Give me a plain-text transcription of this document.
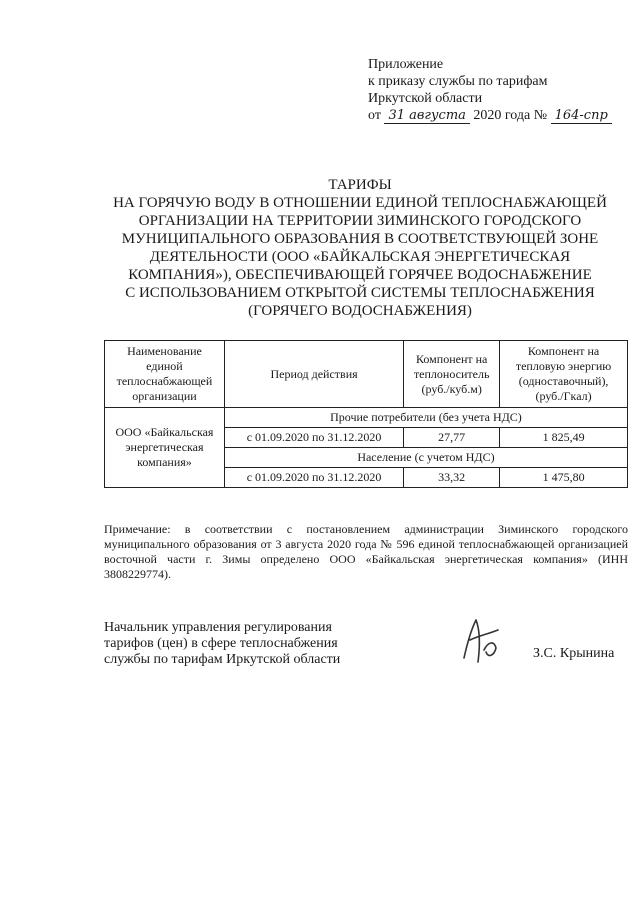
Приложение
к приказу службы по тарифам
Иркутской области
от 31 августа 2020 года № 164-спр
ТАРИФЫ
НА ГОРЯЧУЮ ВОДУ В ОТНОШЕНИИ ЕДИНОЙ ТЕПЛОСНАБЖАЮЩЕЙ
ОРГАНИЗАЦИИ НА ТЕРРИТОРИИ ЗИМИНСКОГО ГОРОДСКОГО
МУНИЦИПАЛЬНОГО ОБРАЗОВАНИЯ В СООТВЕТСТВУЮЩЕЙ ЗОНЕ
ДЕЯТЕЛЬНОСТИ (ООО «БАЙКАЛЬСКАЯ ЭНЕРГЕТИЧЕСКАЯ
КОМПАНИЯ»), ОБЕСПЕЧИВАЮЩЕЙ ГОРЯЧЕЕ ВОДОСНАБЖЕНИЕ
С ИСПОЛЬЗОВАНИЕМ ОТКРЫТОЙ СИСТЕМЫ ТЕПЛОСНАБЖЕНИЯ
(ГОРЯЧЕГО ВОДОСНАБЖЕНИЯ)
Наименование единой теплоснабжающей организации	Период действия	Компонент на теплоноситель (руб./куб.м)	Компонент на тепловую энергию (одноставочный), (руб./Гкал)
ООО «Байкальская энергетическая компания»	Прочие потребители (без учета НДС)		
	с 01.09.2020 по 31.12.2020	27,77	1 825,49
	Население (с учетом НДС)		
	с 01.09.2020 по 31.12.2020	33,32	1 475,80
Примечание: в соответствии с постановлением администрации Зиминского городского муниципального образования от 3 августа 2020 года № 596 единой теплоснабжающей организацией восточной части г. Зимы определено ООО «Байкальская энергетическая компания» (ИНН 3808229774).
Начальник управления регулирования
тарифов (цен) в сфере теплоснабжения
службы по тарифам Иркутской области	З.С. Крынина
